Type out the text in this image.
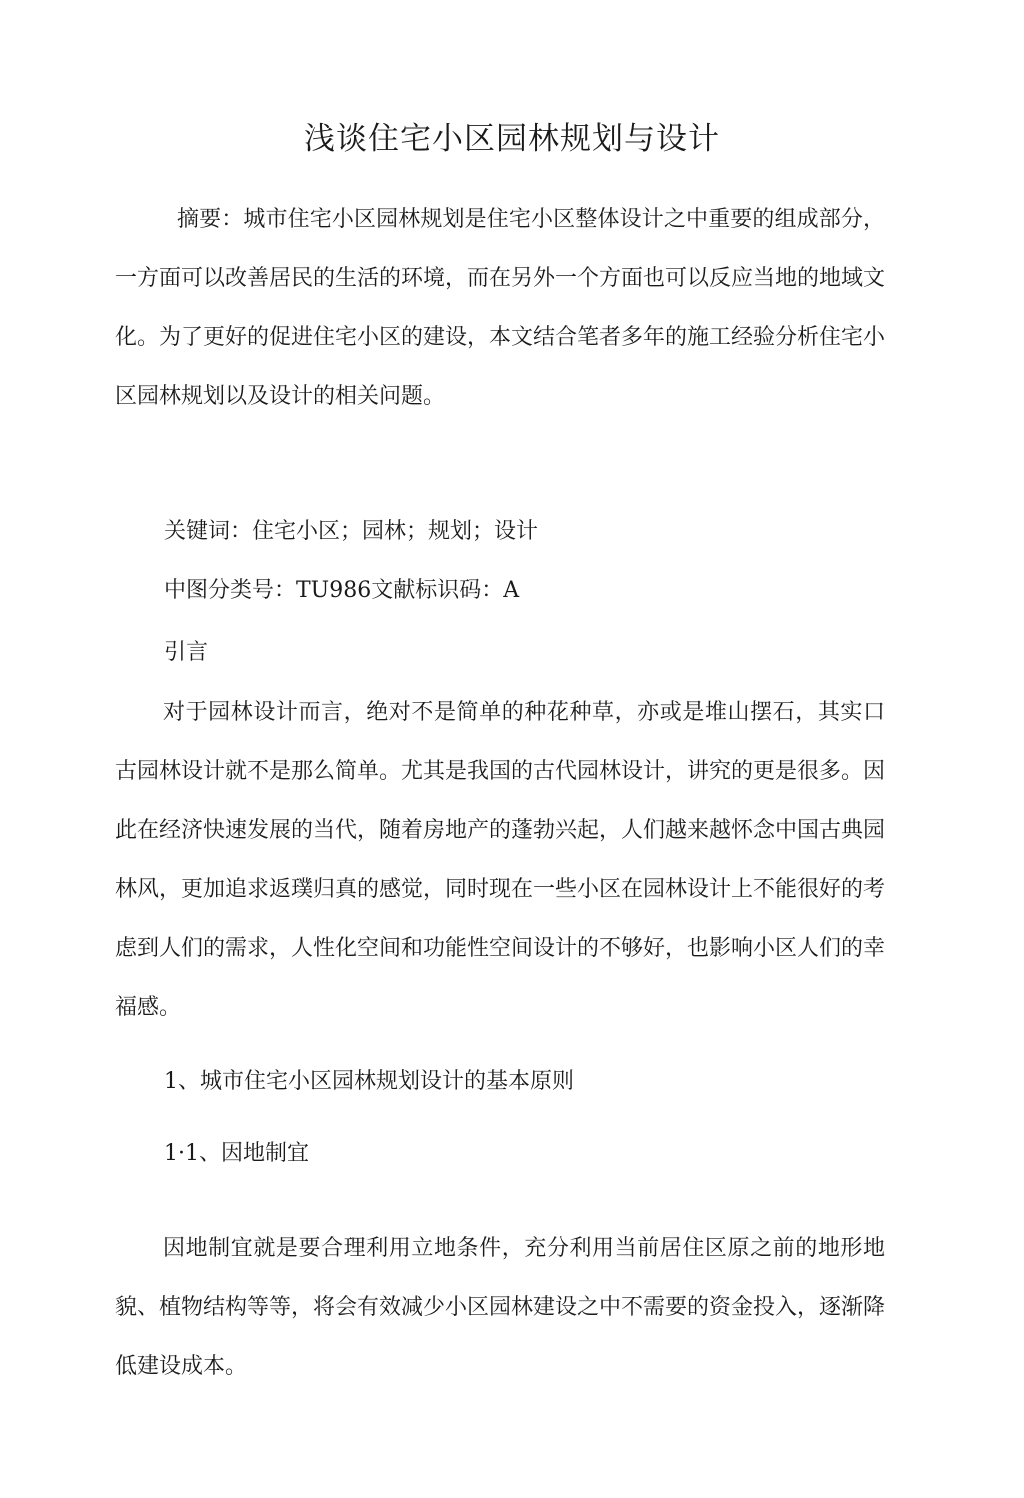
浅谈住宅小区园林规划与设计

摘要：城市住宅小区园林规划是住宅小区整体设计之中重要的组成部分，一方面可以改善居民的生活的环境，而在另外一个方面也可以反应当地的地域文化。为了更好的促进住宅小区的建设，本文结合笔者多年的施工经验分析住宅小区园林规划以及设计的相关问题。

关键词：住宅小区；园林；规划；设计

中图分类号：TU986文献标识码：A

引言

对于园林设计而言，绝对不是简单的种花种草，亦或是堆山摆石，其实口古园林设计就不是那么简单。尤其是我国的古代园林设计，讲究的更是很多。因此在经济快速发展的当代，随着房地产的蓬勃兴起，人们越来越怀念中国古典园林风，更加追求返璞归真的感觉，同时现在一些小区在园林设计上不能很好的考虑到人们的需求，人性化空间和功能性空间设计的不够好，也影响小区人们的幸福感。

1、城市住宅小区园林规划设计的基本原则

1·1、因地制宜

因地制宜就是要合理利用立地条件，充分利用当前居住区原之前的地形地貌、植物结构等等，将会有效减少小区园林建设之中不需要的资金投入，逐渐降低建设成本。
